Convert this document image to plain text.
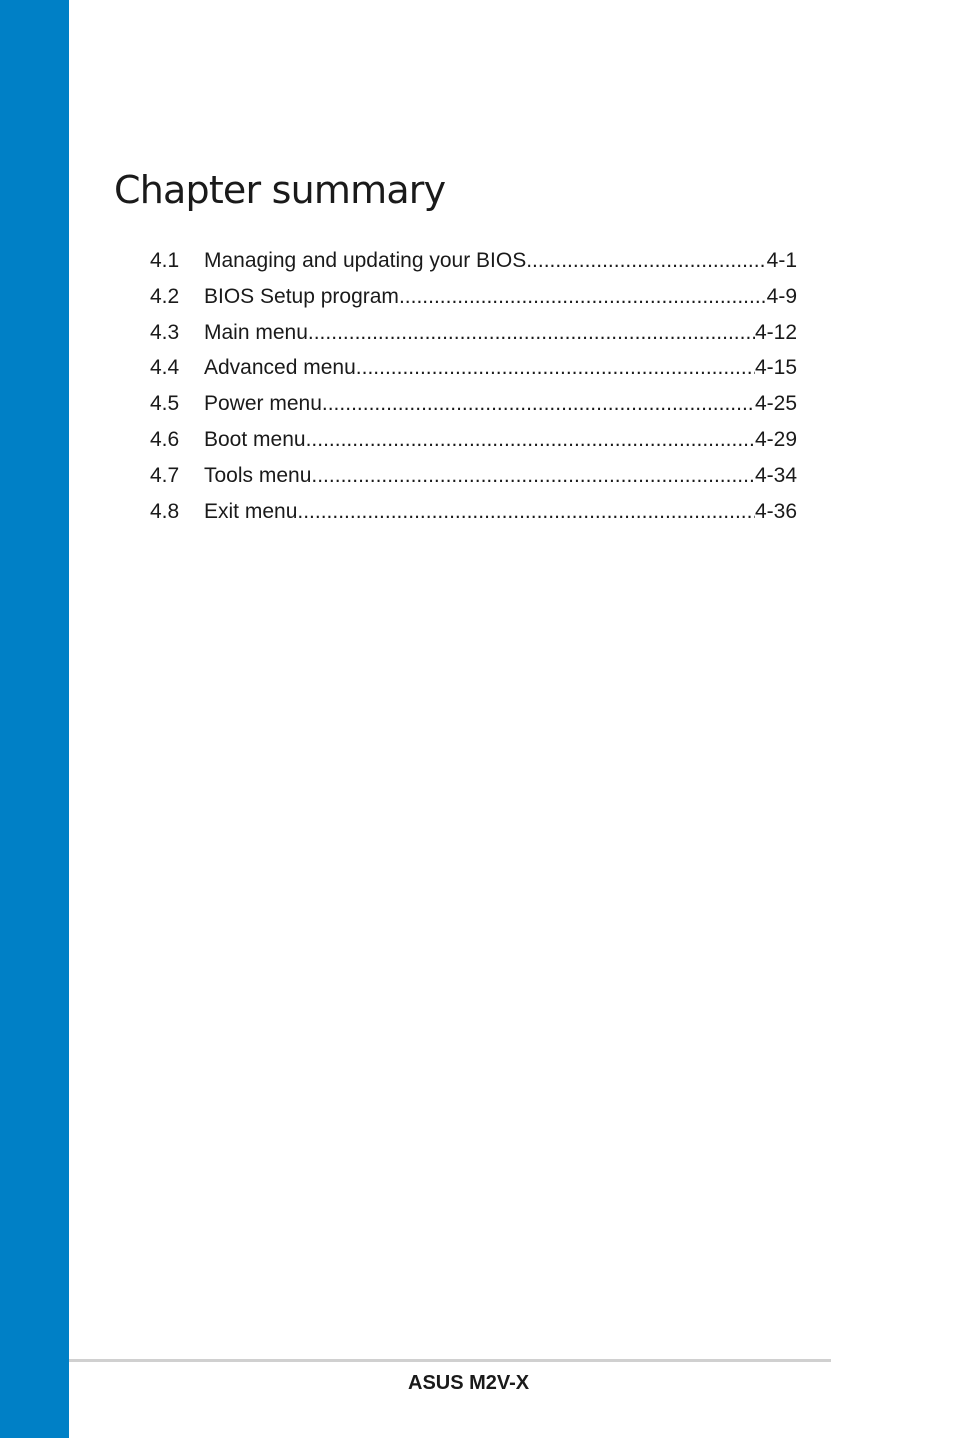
Chapter summary
4.1	Managing and updating your BIOS .....	4-1
4.2	BIOS Setup program .....	4-9
4.3	Main menu .....	4-12
4.4	Advanced menu .....	4-15
4.5	Power menu .....	4-25
4.6	Boot menu .....	4-29
4.7	Tools menu .....	4-34
4.8	Exit menu .....	4-36
ASUS M2V-X
